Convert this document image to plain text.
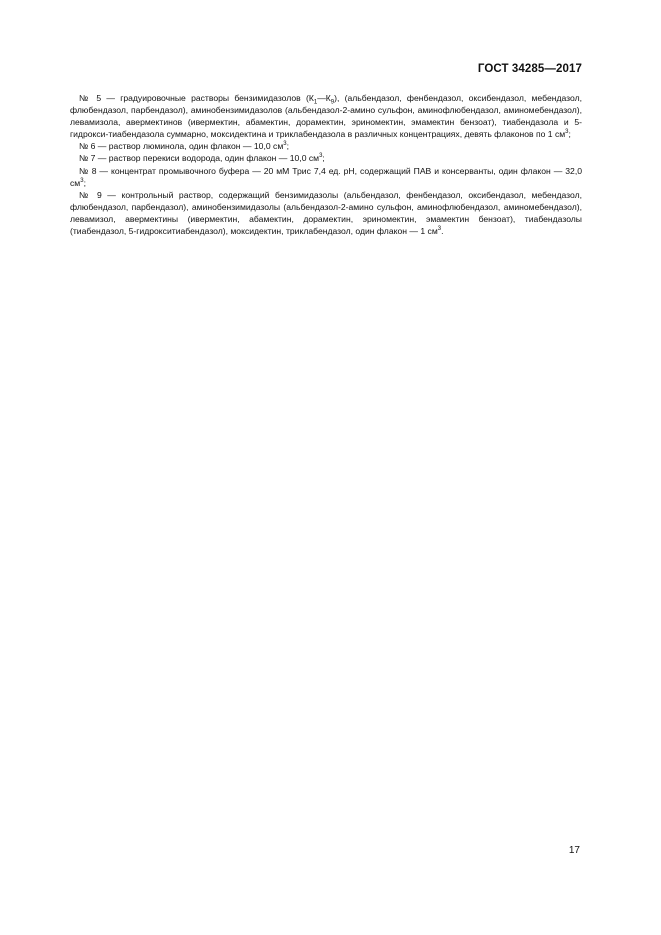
ГОСТ 34285—2017

№ 5 — градуировочные растворы бензимидазолов $(К_1—К_9)$, (альбендазол, фенбендазол, оксибендазол, мебендазол, флюбендазол, парбендазол), аминобензимидазолов (альбендазол-2-амино сульфон, аминофлюбендазол, аминомебендазол), левамизола, авермектинов (ивермектин, абамектин, дорамектин, эриномектин, эмамектин бензоат), тиабендазола и 5-гидрокси-тиабендазола суммарно, моксидектина и триклабендазола в различных концентрациях, девять флаконов по 1 $см^3$;

№ 6 — раствор люминола, один флакон — 10,0 $см^3$;

№ 7 — раствор перекиси водорода, один флакон — 10,0 $см^3$;

№ 8 — концентрат промывочного буфера — 20 мМ Трис 7,4 ед. рН, содержащий ПАВ и консерванты, один флакон — 32,0 $см^3$;

№ 9 — контрольный раствор, содержащий бензимидазолы (альбендазол, фенбендазол, оксибендазол, мебендазол, флюбендазол, парбендазол), аминобензимидазолы (альбендазол-2-амино сульфон, аминофлюбендазол, аминомебендазол), левамизол, авермектины (ивермектин, абамектин, дорамектин, эриномектин, эмамектин бензоат), тиабендазолы (тиабендазол, 5-гидрокситиабендазол), моксидектин, триклабендазол, один флакон — 1 $см^3$.

17
